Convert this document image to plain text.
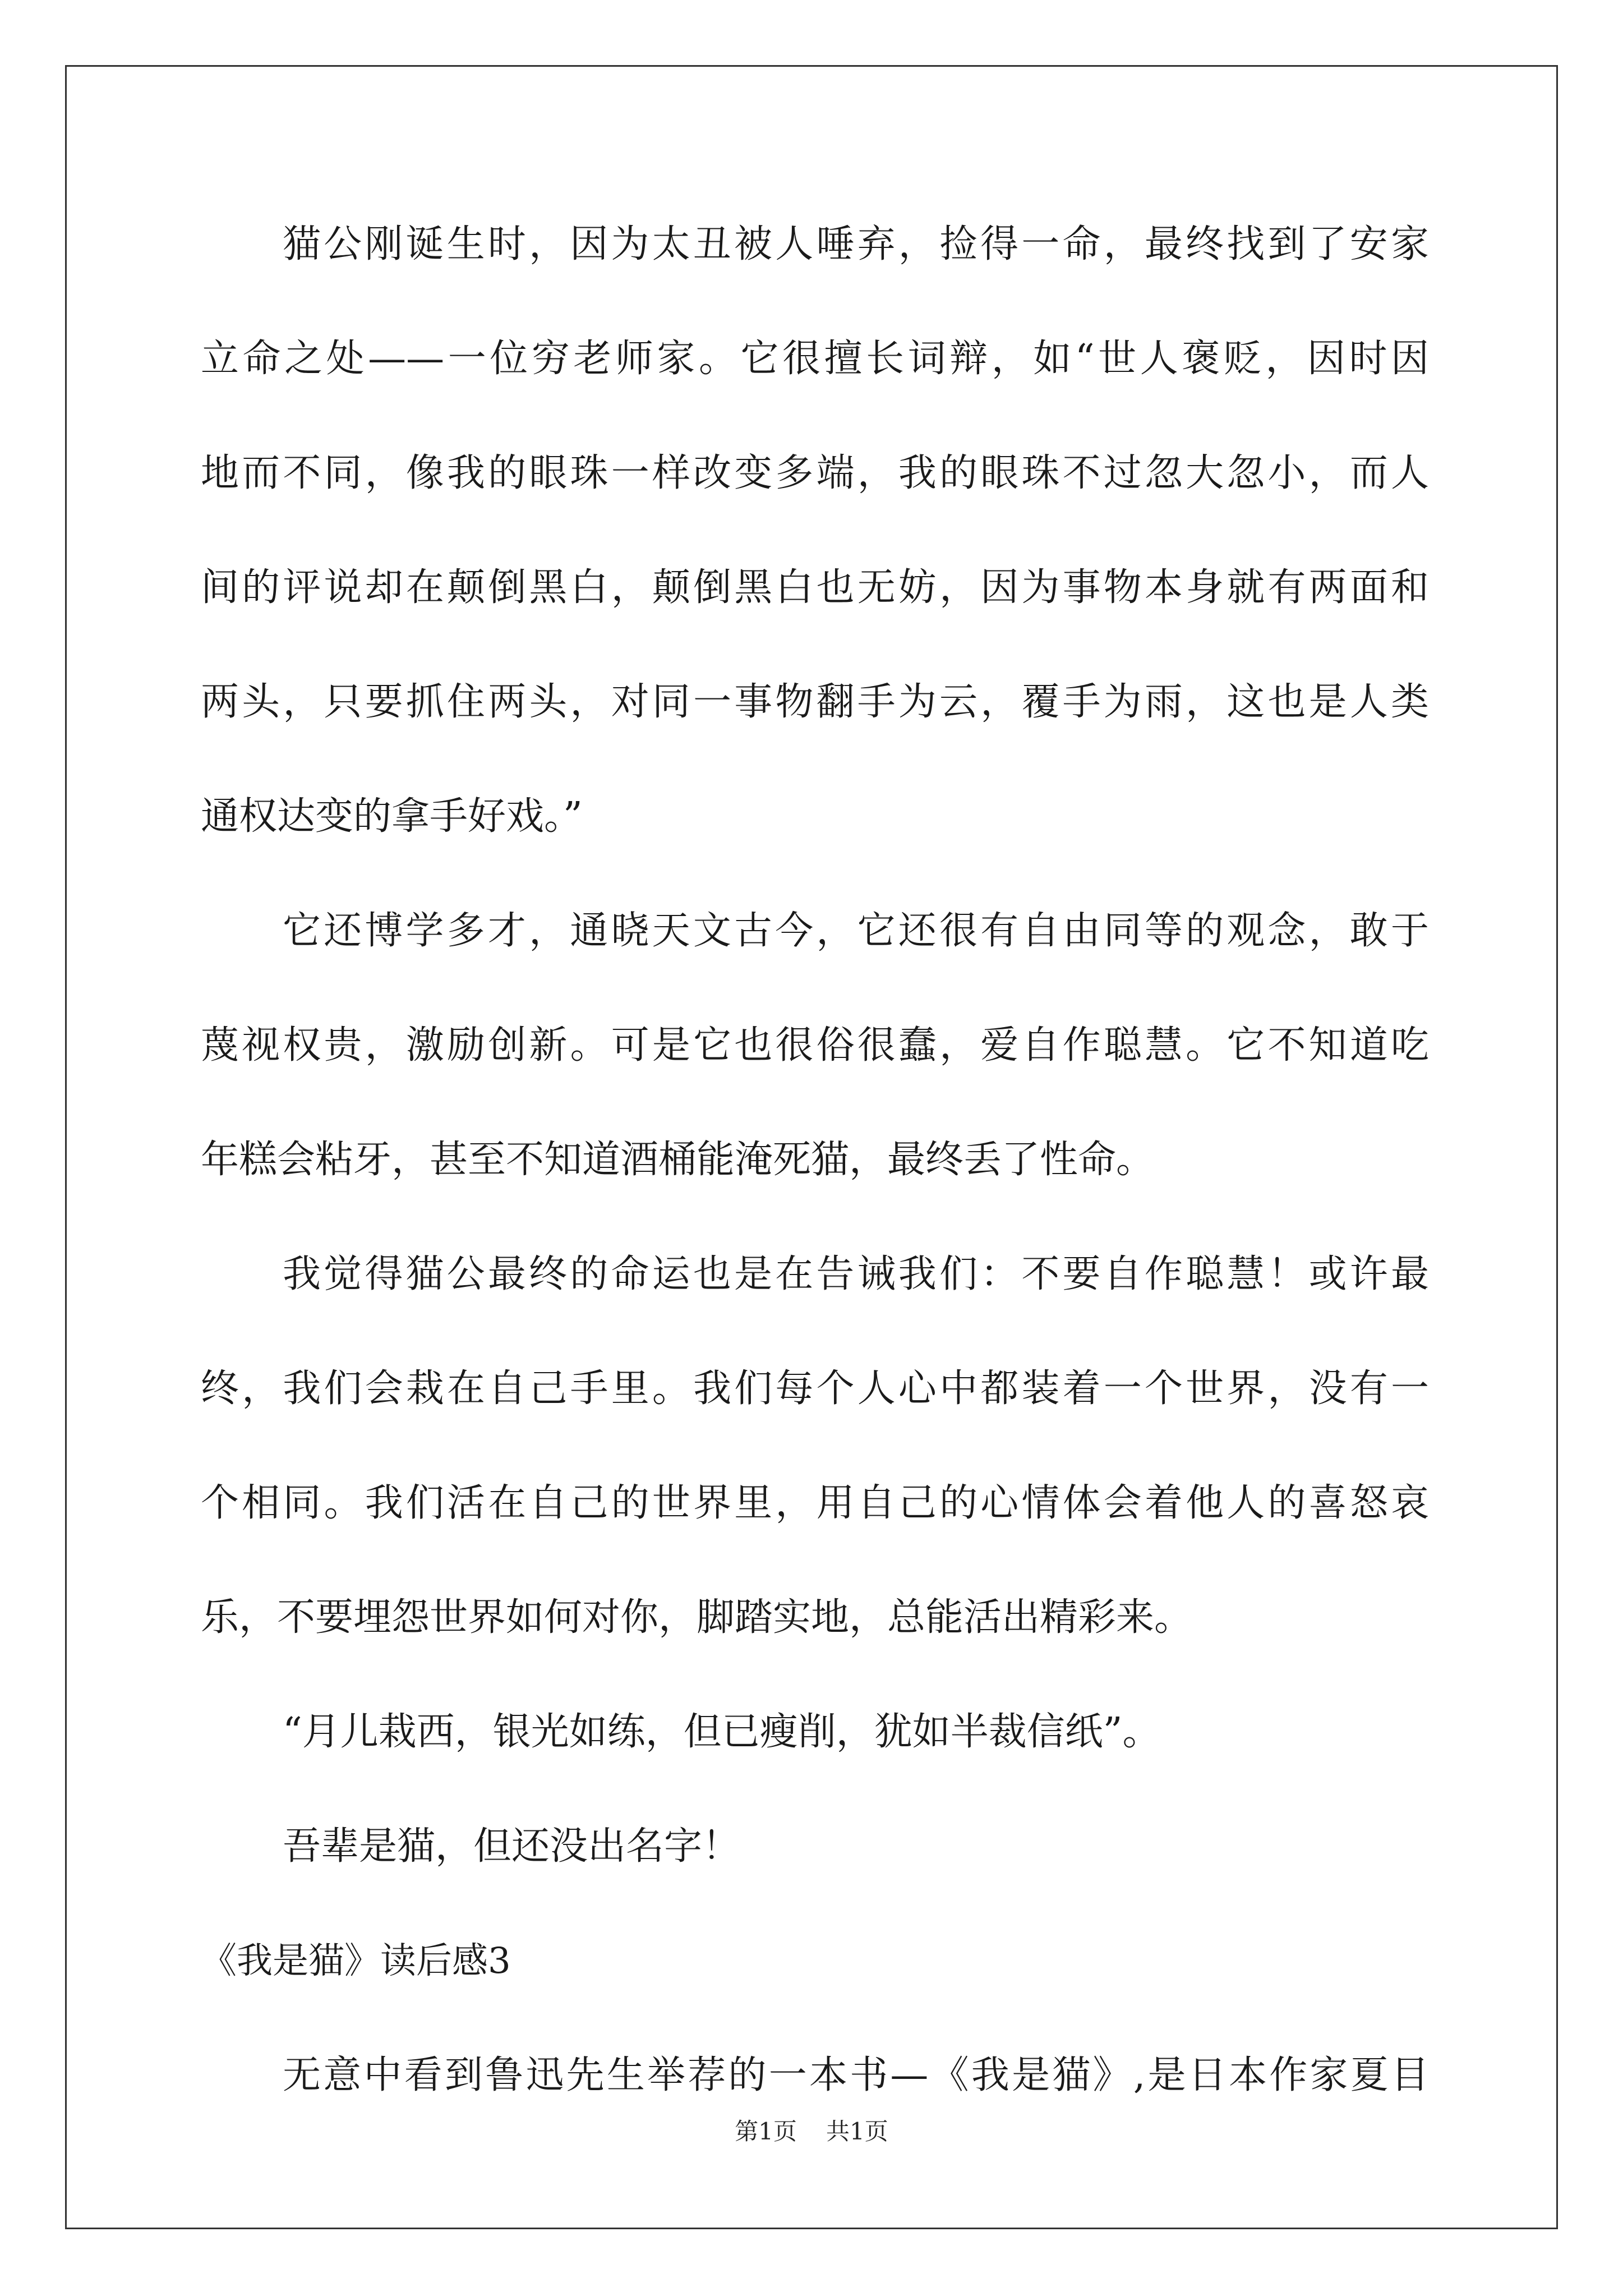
猫公刚诞生时，因为太丑被人唾弃，捡得一命，最终找到了安家
立命之处——一位穷老师家。它很擅长词辩，如“世人褒贬，因时因
地而不同，像我的眼珠一样改变多端，我的眼珠不过忽大忽小，而人
间的评说却在颠倒黑白，颠倒黑白也无妨，因为事物本身就有两面和
两头，只要抓住两头，对同一事物翻手为云，覆手为雨，这也是人类
通权达变的拿手好戏。”
它还博学多才，通晓天文古今，它还很有自由同等的观念，敢于
蔑视权贵，激励创新。可是它也很俗很蠢，爱自作聪慧。它不知道吃
年糕会粘牙，甚至不知道酒桶能淹死猫，最终丢了性命。
我觉得猫公最终的命运也是在告诫我们：不要自作聪慧！或许最
终，我们会栽在自己手里。我们每个人心中都装着一个世界，没有一
个相同。我们活在自己的世界里，用自己的心情体会着他人的喜怒哀
乐，不要埋怨世界如何对你，脚踏实地，总能活出精彩来。
“月儿栽西，银光如练，但已瘦削，犹如半裁信纸”。
吾辈是猫，但还没出名字！
《我是猫》读后感3
无意中看到鲁迅先生举荐的一本书—《我是猫》,是日本作家夏目
第1页 共1页
